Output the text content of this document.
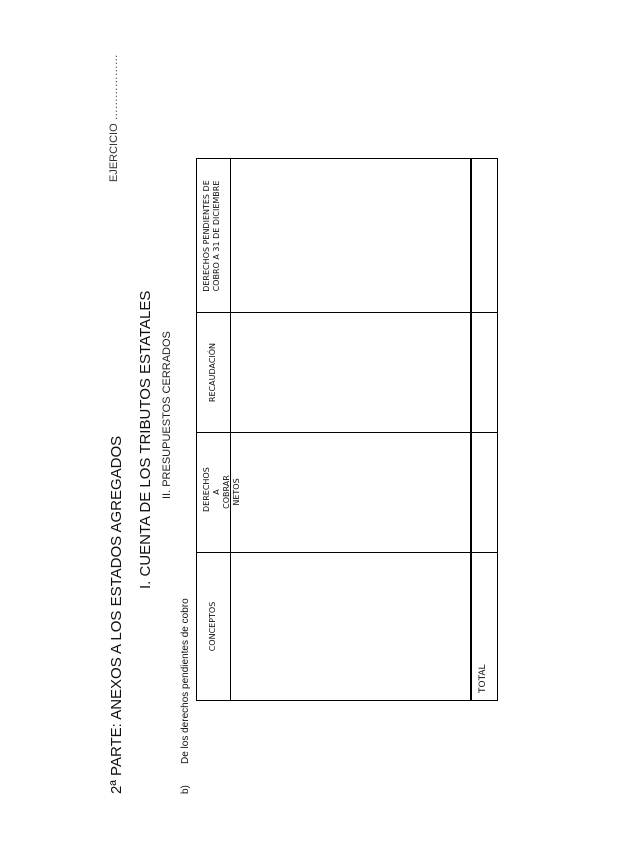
2ª PARTE: ANEXOS A LOS ESTADOS AGREGADOS
EJERCICIO ………………
I. CUENTA DE LOS TRIBUTOS ESTATALES II. PRESUPUESTOS CERRADOS
b)De los derechos pendientes de cobro CONCEPTOS
DERECHOS A COBRAR NETOS
RECAUDACIÓN
DERECHOS PENDIENTES DE COBRO A 31 DE DICIEMBRE
TOTAL
